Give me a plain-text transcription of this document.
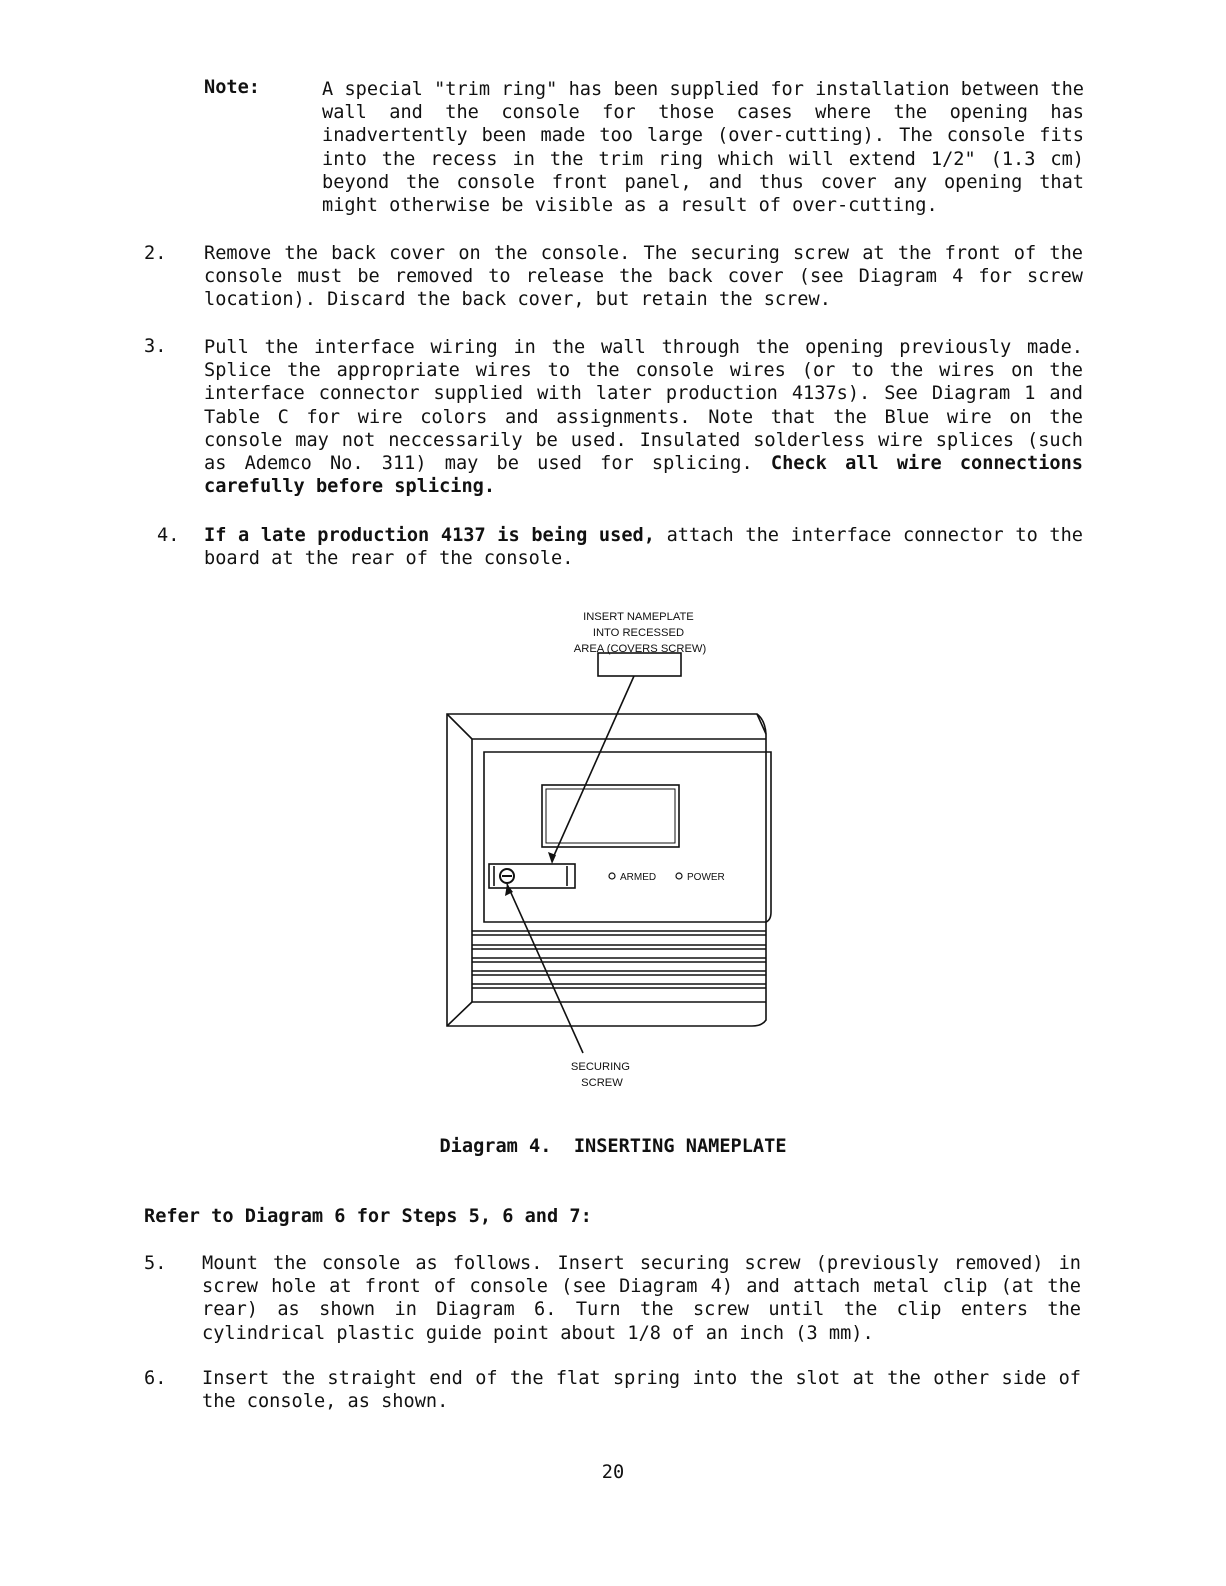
Note:	A special "trim ring" has been supplied for installation between the wall and the console for those cases where the opening has inadvertently been made too large (over-cutting). The console fits into the recess in the trim ring which will extend 1/2" (1.3 cm) beyond the console front panel, and thus cover any opening that might otherwise be visible as a result of over-cutting.

2. Remove the back cover on the console. The securing screw at the front of the console must be removed to release the back cover (see Diagram 4 for screw location). Discard the back cover, but retain the screw.

3. Pull the interface wiring in the wall through the opening previously made. Splice the appropriate wires to the console wires (or to the wires on the interface connector supplied with later production 4137s). See Diagram 1 and Table C for wire colors and assignments. Note that the Blue wire on the console may not neccessarily be used. Insulated solderless wire splices (such as Ademco No. 311) may be used for splicing. Check all wire connections carefully before splicing.

4. If a late production 4137 is being used, attach the interface connector to the board at the rear of the console.

INSERT NAMEPLATE INTO RECESSED AREA (COVERS SCREW)
ARMED	POWER
SECURING SCREW
Diagram 4.  INSERTING NAMEPLATE
Refer to Diagram 6 for Steps 5, 6 and 7:
5. Mount the console as follows. Insert securing screw (previously removed) in screw hole at front of console (see Diagram 4) and attach metal clip (at the rear) as shown in Diagram 6. Turn the screw until the clip enters the cylindrical plastic guide point about 1/8 of an inch (3 mm).

6. Insert the straight end of the flat spring into the slot at the other side of the console, as shown.

20
